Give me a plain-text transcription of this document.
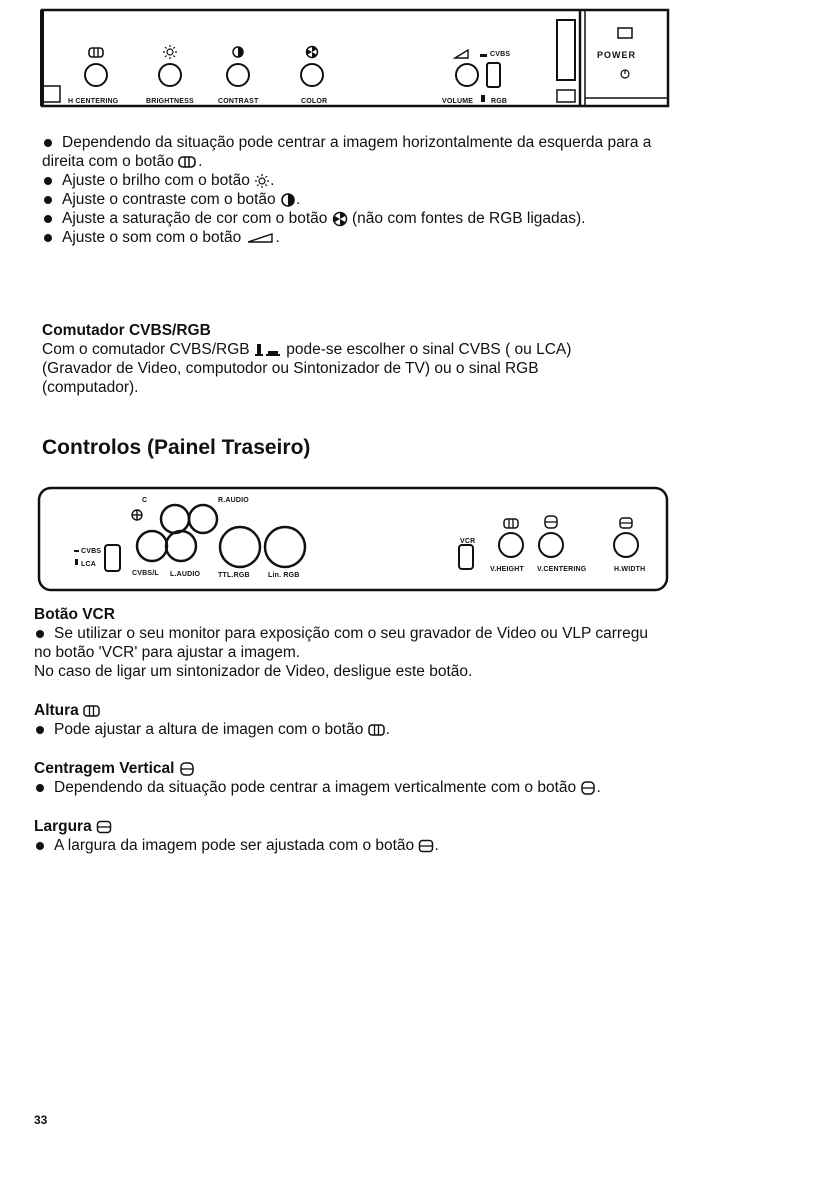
H CENTERING	BRIGHTNESS	CONTRAST	COLOR	VOLUME	RGB
CVBS	POWER

Dependendo da situação pode centrar a imagem horizontalmente da esquerda para a
direita com o botão .

Ajuste o brilho com o botão .

Ajuste o contraste com o botão .

Ajuste a saturação de cor com o botão (não com fontes de RGB ligadas).

Ajuste o som com o botão .

Comutador CVBS/RGB

Com o comutador CVBS/RGB pode-se escolher o sinal CVBS ( ou LCA)

(Gravador de Video, computodor ou Sintonizador de TV) ou o sinal RGB

(computador).

Controlos (Painel Traseiro)
C	R.AUDIO
CVBS
LCA
CVBS/L L.AUDIO	TTL.RGB	Lin. RGB
VCR
V.HEIGHT V.CENTERING	H.WIDTH

Botão VCR

Se utilizar o seu monitor para exposição com o seu gravador de Video ou VLP carregu
no botão 'VCR' para ajustar a imagem.

No caso de ligar um sintonizador de Video, desligue este botão.

Altura

Pode ajustar a altura de imagen com o botão .

Centragem Vertical

Dependendo da situação pode centrar a imagem verticalmente com o botão .

Largura

A largura da imagem pode ser ajustada com o botão .

33
